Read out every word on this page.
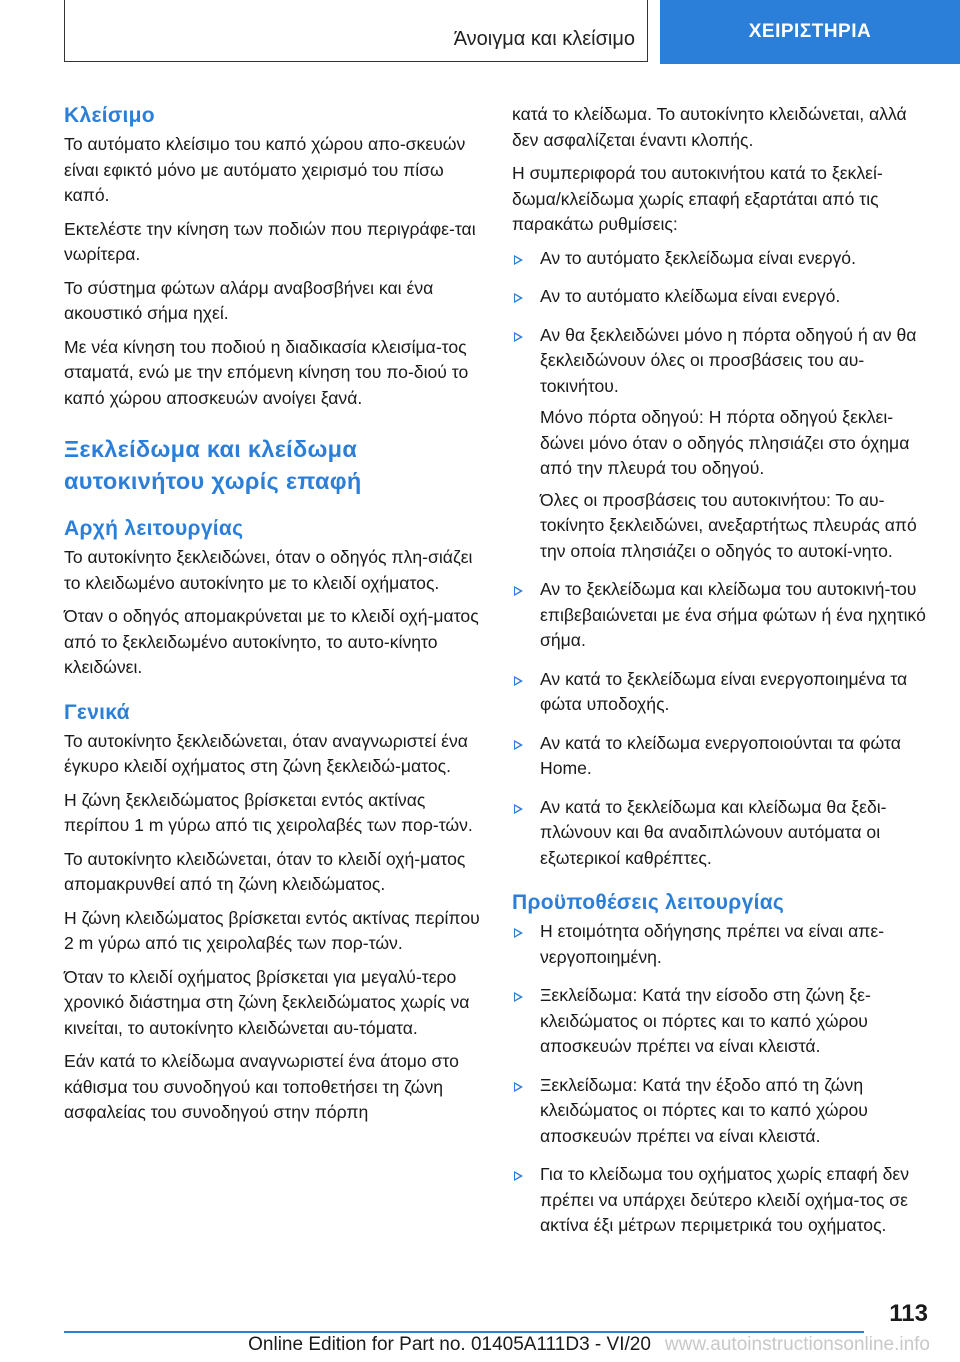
Άνοιγμα και κλείσιμο	ΧΕΙΡΙΣΤΗΡΙΑ
Κλείσιμο

Το αυτόματο κλείσιμο του καπό χώρου απο-σκευών είναι εφικτό μόνο με αυτόματο χειρισμό του πίσω καπό.

Εκτελέστε την κίνηση των ποδιών που περιγράφε-ται νωρίτερα.

Το σύστημα φώτων αλάρμ αναβοσβήνει και ένα ακουστικό σήμα ηχεί.

Με νέα κίνηση του ποδιού η διαδικασία κλεισίμα-τος σταματά, ενώ με την επόμενη κίνηση του πο-διού το καπό χώρου αποσκευών ανοίγει ξανά.

Ξεκλείδωμα και κλείδωμα αυτοκινήτου χωρίς επαφή
Αρχή λειτουργίας

Το αυτοκίνητο ξεκλειδώνει, όταν ο οδηγός πλη-σιάζει το κλειδωμένο αυτοκίνητο με το κλειδί οχήματος.

Όταν ο οδηγός απομακρύνεται με το κλειδί οχή-ματος από το ξεκλειδωμένο αυτοκίνητο, το αυτο-κίνητο κλειδώνει.

Γενικά

Το αυτοκίνητο ξεκλειδώνεται, όταν αναγνωριστεί ένα έγκυρο κλειδί οχήματος στη ζώνη ξεκλειδώ-ματος.

Η ζώνη ξεκλειδώματος βρίσκεται εντός ακτίνας περίπου 1 m γύρω από τις χειρολαβές των πορ-τών.

Το αυτοκίνητο κλειδώνεται, όταν το κλειδί οχή-ματος απομακρυνθεί από τη ζώνη κλειδώματος.

Η ζώνη κλειδώματος βρίσκεται εντός ακτίνας περίπου 2 m γύρω από τις χειρολαβές των πορ-τών.

Όταν το κλειδί οχήματος βρίσκεται για μεγαλύ-τερο χρονικό διάστημα στη ζώνη ξεκλειδώματος χωρίς να κινείται, το αυτοκίνητο κλειδώνεται αυ-τόματα.

Εάν κατά το κλείδωμα αναγνωριστεί ένα άτομο στο κάθισμα του συνοδηγού και τοποθετήσει τη ζώνη ασφαλείας του συνοδηγού στην πόρπη

κατά το κλείδωμα. Το αυτοκίνητο κλειδώνεται, αλλά δεν ασφαλίζεται έναντι κλοπής.

Η συμπεριφορά του αυτοκινήτου κατά το ξεκλεί-δωμα/κλείδωμα χωρίς επαφή εξαρτάται από τις παρακάτω ρυθμίσεις:

Αν το αυτόματο ξεκλείδωμα είναι ενεργό.
Αν το αυτόματο κλείδωμα είναι ενεργό.
Αν θα ξεκλειδώνει μόνο η πόρτα οδηγού ή αν θα ξεκλειδώνουν όλες οι προσβάσεις του αυ-τοκινήτου.

Μόνο πόρτα οδηγού: Η πόρτα οδηγού ξεκλει-δώνει μόνο όταν ο οδηγός πλησιάζει στο όχημα από την πλευρά του οδηγού.

Όλες οι προσβάσεις του αυτοκινήτου: Το αυ-τοκίνητο ξεκλειδώνει, ανεξαρτήτως πλευράς από την οποία πλησιάζει ο οδηγός το αυτοκί-νητο.

Αν το ξεκλείδωμα και κλείδωμα του αυτοκινή-του επιβεβαιώνεται με ένα σήμα φώτων ή ένα ηχητικό σήμα.
Αν κατά το ξεκλείδωμα είναι ενεργοποιημένα τα φώτα υποδοχής.
Αν κατά το κλείδωμα ενεργοποιούνται τα φώτα Home.
Αν κατά το ξεκλείδωμα και κλείδωμα θα ξεδι-πλώνουν και θα αναδιπλώνουν αυτόματα οι εξωτερικοί καθρέπτες.
Προϋποθέσεις λειτουργίας
Η ετοιμότητα οδήγησης πρέπει να είναι απε-νεργοποιημένη.
Ξεκλείδωμα: Κατά την είσοδο στη ζώνη ξε-κλειδώματος οι πόρτες και το καπό χώρου αποσκευών πρέπει να είναι κλειστά.
Ξεκλείδωμα: Κατά την έξοδο από τη ζώνη κλειδώματος οι πόρτες και το καπό χώρου αποσκευών πρέπει να είναι κλειστά.
Για το κλείδωμα του οχήματος χωρίς επαφή δεν πρέπει να υπάρχει δεύτερο κλειδί οχήμα-τος σε ακτίνα έξι μέτρων περιμετρικά του οχήματος.
113
Online Edition for Part no. 01405A111D3 - VI/20 www.autoinstructionsonline.info
